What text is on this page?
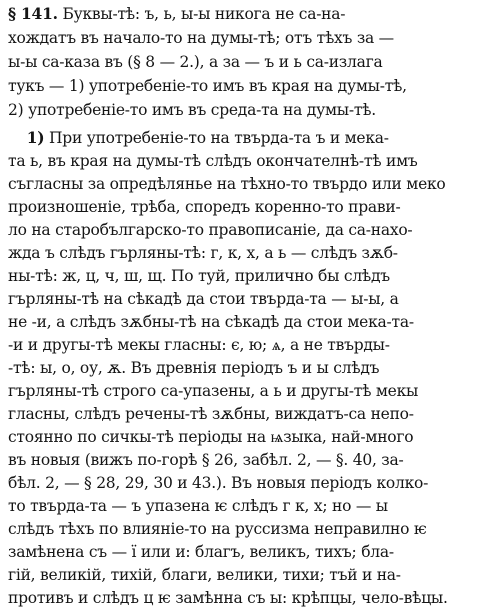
§ 141. Буквы-тѣ: ъ, ь, ы-ы никога не са-на-

хождатъ въ начало-то на думы-тѣ; отъ тѣхъ за —

ы-ы са-каза въ (§ 8 — 2.), а за — ъ и ь са-излага

тукъ — 1) употребеніе-то имъ въ края на думы-тѣ,

2) употребеніе-то имъ въ среда-та на думы-тѣ.

1) При употребеніе-то на твърда-та ъ и мека-

та ь, въ края на думы-тѣ слѣдъ окончателнѣ-тѣ имъ

съгласны за опредѣлянье на тѣхно-то твърдо или меко

произношеніе, трѣба, споредъ коренно-то прави-

ло на старобългарско-то правописаніе, да са-нахо-

жда ъ слѣдъ гърляны-тѣ: г, к, х, а ь — слѣдъ зѫб-

ны-тѣ: ж, ц, ч, ш, щ. По туй, прилично бы слѣдъ

гърляны-тѣ на сѣкадѣ да стои твърда-та — ы-ы, а

не -и, а слѣдъ зѫбны-тѣ на сѣкадѣ да стои мека-та-

-и и другы-тѣ мекы гласны: є, ю; ѧ, а не твърды-

-тѣ: ы, о, оу, ѫ. Въ древнія періодъ ъ и ы слѣдъ

гърляны-тѣ строго са-упазены, а ь и другы-тѣ мекы

гласны, слѣдъ речены-тѣ зѫбны, виждатъ-са непо-

стоянно по сичкы-тѣ періоды на ѩзыка, най-много

въ новыя (вижъ по-горѣ § 26, забѣл. 2, — §. 40, за-

бѣл. 2, — § 28, 29, 30 и 43.). Въ новыя періодъ колко-

то твърда-та — ъ упазена ѥ слѣдъ г к, х; но — ы

слѣдъ тѣхъ по влияніе-то на руссизма неправилно ѥ

замѣнена съ — ї или и: благъ, великъ, тихъ; бла-

гій, великій, тихій, благи, велики, тихи; тъй и на-

противъ и слѣдъ ц ѥ замѣнна съ ы: крѣпцы, чело-вѣцы.
